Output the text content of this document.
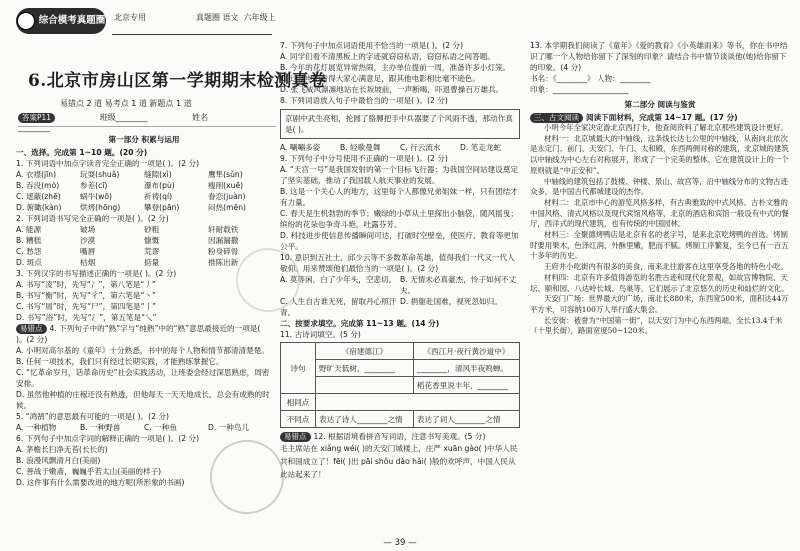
综合模考真题圈 北京专用	真题圈 语文 六年级上
6.北京市房山区第一学期期末检测真卷
易错点 2 道 易考点 1 道 新题点 1 道
答案P11	班级________	姓名________
第一部分 积累与运用
一、选择。完成第 1~10 题。(20 分)

1. 下列词语中加点字读音完全正确的一项是( )。(2 分)

A. 衣襟(jīn)	玩耍(shuǎ)	缝隙(xì)	鹰隼(sǔn)
B. 吞没(mò)	参差(cī)	瀑布(pù)	瘦削(xuē)
C. 遮蔽(zhē)	蜗牛(wō)	祈祷(qí)	眷恋(juàn)
D. 俯瞰(kàn)	烘烤(hōng)	攀登(pān)	闷热(mēn)

2. 下列词语书写完全正确的一项是( )。(2 分)

A. 能源	破场	砂粗	轩耐载铁
B. 糟糕	沙漠	慷慨	因漏漏撒
C. 愁怨	嘴唇	荒谬	粉身碎骨
D. 斑点	枯烟	掂量	推陈出新

3. 下列汉字的书写描述正确的一项是( )。(2 分)

A. 书写“凌”时，先写“冫”，第八笔是“丿”
B. 书写“衡”时，先写“彳”，第六笔是“丶”
C. 书写“屑”时，先写“尸”，第四笔是“丨”
D. 书写“浴”时，先写“氵”，第五笔是“乀”

易错点 4. 下列句子中的“熟”字与“纯熟”中的“熟”意思最接近的一项是( )。(2 分)

A. 小明对高尔基的《童年》十分熟悉，书中的每个人物和情节都清清楚楚。
B. 任何一项技术，我们只有经过长期实践，才能熟练掌握它。
C. “忆革命岁月，话革命历史”社会实践活动，让班委会经过深思熟虑，周密安排。
D. 虽然他种植的庄稼还没有熟透，但他每天一天天地成长，总会有成熟的时候。

5. “鸿鹄”的意思最有可能的一项是( )。(2 分)

A. 一种植物	B. 一种野兽	C. 一种鱼	D. 一种鸟儿

6. 下列句子中加点字词的解释正确的一项是( )。(2 分)

A. 茅檐长扫净无苔(长长的)
B. 浪漫风飘清月白(美丽)
C. 善战于嫩斋，巍巍乎若太山(美丽的样子)
D. 这件事有什么需要改进的地方呢(所形象的书画)

7. 下列句子中加点词语使用不恰当的一项是( )。(2 分)

A. 同学们看不清黑板上的字迹就窃窃私语，窃窃私语之间答题。
B. 今年的花灯展览异常热闹，主办单位提前一周，准备许多小灯笼。
C. 这部电影看得大家心满意足，跟其他电影相比毫不逊色。
D. 张飞威风凛凛地站在长坂坡前，一声断喝，吓退曹操百万雄兵。

8. 下列词语放入句子中最恰当的一项是( )。(2 分)

京剧中武生亮相，抡圆了胳膊把手中兵器要了个风雨不透，那动作真是( )。
A. 唰唰多姿	B. 轻歌曼舞	C. 行云流水	D. 笔走龙蛇

9. 下列句子中分号使用不正确的一项是( )。(2 分)

A. “天宫一号”是我国发射的第一个目标飞行器；为我国空间站建设奠定了坚实基础，推动了我国载人航天事业的发展。
B. 这是一个关心人的地方，这里每个人都像兄弟姐妹一样，只有团结才有力量。
C. 春天是生机勃勃的季节；嫩绿的小草从土里探出小脑袋，随风摇曳；缤纷的花朵也争奇斗艳，吐露芬芳。
D. 科技进步使信息传播瞬间可达，打破时空壁垒，使医疗、教育等更加公平。

10. 意识到五社士，邱少云等不多数革命英雄，值得我们一代又一代人敬仰。用来赞颂他们最恰当的一项是( )。(2 分)

A. 莫等闲，白了少年头，空悲切。 B. 无情未必真豪杰，怜子如何不丈夫。
C. 人生自古谁无死，留取丹心照汗青。
D. 捐躯赴国难，视死忽如归。
二、按要求填空。完成第 11~13 题。(14 分)

11. 古诗词填空。(5 分)

诗句	《宿建德江》	《西江月·夜行黄沙道中》
	野旷天低树，________	________，清风半夜鸣蝉。
		稻花香里说丰年，________
相同点		
不同点	表达了诗人________之情	表达了词人________之情

易错点 12. 根据语境看拼音写词语，注意书写美观。(5 分)

毛主席站在 xiǎng wéi( )的天安门城楼上，庄严 xuān gào( )中华人民共和国成立了！fēi( )出 pāi shǒu dǎo hǎi( )般的欢呼声，中国人民从此站起来了！

13. 本学期我们阅读了《童年》《爱的教育》《小英雄雨来》等书，你在书中结识了哪一个人物给你留下了深刻的印象？请结合书中情节谈谈他(她)给你留下的印象。(4 分)

书名：《________》 人物：________
印象：____________________
第二部分 阅读与鉴赏
三、古文阅读 阅读下面材料，完成第 14~17 题。(17 分)

小明今年全家决定游北京西打卡，他查阅资料了解北京那些建筑设计更好。

材料一：北京城最大的中轴线，这条线长达七公里的中轴线，从南向北依次是永定门、前门、天安门、午门、太和殿，东西两侧对称的建筑，北京城的建筑以中轴线为中心左右对称展开，形成了一个完美的整体。它在建筑设计上的一个原则就是“中正安和”。

中轴线的建筑包括了鼓楼、钟楼、景山、故宫等，沿中轴线分布的文物古迹众多，是中国古代都城建设的杰作。

材料二：北京市中心的游览风格多样，有古典雅致的中式风格、古朴文雅的中国风格、清式风格以及现代宾馆风格等，北京的酒店和宾馆一般设有中式的餐厅，西洋式的现代建筑，也有传统的中国园林。

材料三：全聚德烤鸭店是北京有名的老字号，是来北京吃烤鸭的首选。烤制时要用果木，色泽红润，外酥里嫩，肥而不腻。烤制工序繁复，至今已有一百五十多年的历史。

王府井小吃街内有很多的美食，南来北往游客在这里享受各地的特色小吃。

材料四：北京有许多值得游览的名胜古迹和现代化景观，如故宫博物院、天坛、颐和园、八达岭长城、鸟巢等，它们展示了北京悠久的历史和灿烂的文化。

天安门广场：世界最大的广场，南北长880米，东西宽500米，面积达44万平方米，可容纳100万人举行盛大集会。

长安街：被誉为“中国第一街”，以天安门为中心东西两端，全长13.4千米（十里长街），路面宽度50~120米。

— 39 —
